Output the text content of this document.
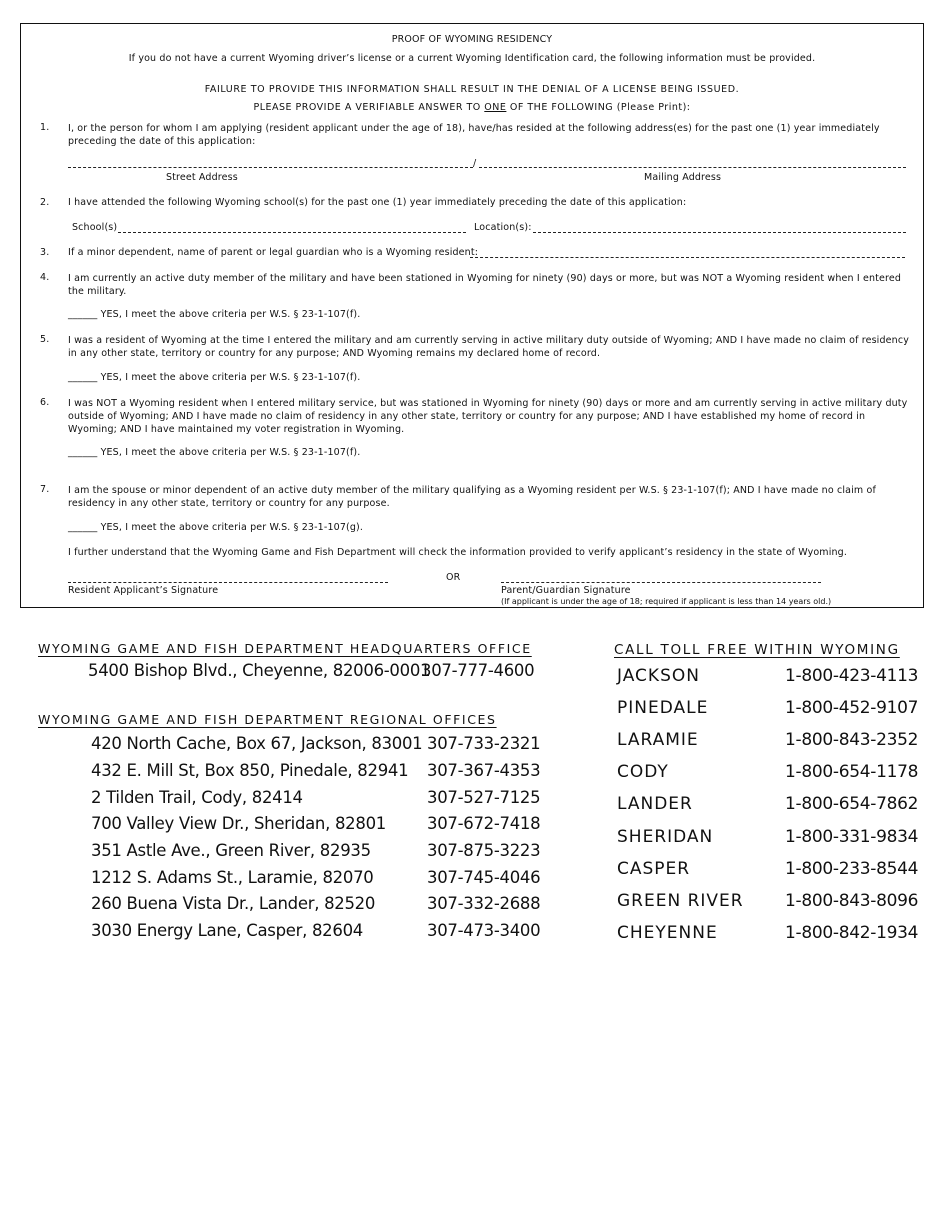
PROOF OF WYOMING RESIDENCY
If you do not have a current Wyoming driver’s license or a current Wyoming Identification card, the following information must be provided.
FAILURE TO PROVIDE THIS INFORMATION SHALL RESULT IN THE DENIAL OF A LICENSE BEING ISSUED.
PLEASE PROVIDE A VERIFIABLE ANSWER TO ONE OF THE FOLLOWING (Please Print):
1. I, or the person for whom I am applying (resident applicant under the age of 18), have/has resided at the following address(es) for the past one (1) year immediately preceding the date of this application:
/
Street Address	Mailing Address
2. I have attended the following Wyoming school(s) for the past one (1) year immediately preceding the date of this application:
School(s)	Location(s):
3. If a minor dependent, name of parent or legal guardian who is a Wyoming resident:
4. I am currently an active duty member of the military and have been stationed in Wyoming for ninety (90) days or more, but was NOT a Wyoming resident when I entered the military.
______ YES, I meet the above criteria per W.S. § 23-1-107(f).
5. I was a resident of Wyoming at the time I entered the military and am currently serving in active military duty outside of Wyoming; AND I have made no claim of residency in any other state, territory or country for any purpose; AND Wyoming remains my declared home of record.
______ YES, I meet the above criteria per W.S. § 23-1-107(f).
6. I was NOT a Wyoming resident when I entered military service, but was stationed in Wyoming for ninety (90) days or more and am currently serving in active military duty outside of Wyoming; AND I have made no claim of residency in any other state, territory or country for any purpose; AND I have established my home of record in Wyoming; AND I have maintained my voter registration in Wyoming.
______ YES, I meet the above criteria per W.S. § 23-1-107(f).
7. I am the spouse or minor dependent of an active duty member of the military qualifying as a Wyoming resident per W.S. § 23-1-107(f); AND I have made no claim of residency in any other state, territory or country for any purpose.
______ YES, I meet the above criteria per W.S. § 23-1-107(g).
I further understand that the Wyoming Game and Fish Department will check the information provided to verify applicant’s residency in the state of Wyoming.
OR
Resident Applicant’s Signature	Parent/Guardian Signature
(If applicant is under the age of 18; required if applicant is less than 14 years old.)
WYOMING GAME AND FISH DEPARTMENT HEADQUARTERS OFFICE
5400 Bishop Blvd., Cheyenne, 82006-0001
307-777-4600
WYOMING GAME AND FISH DEPARTMENT REGIONAL OFFICES
420 North Cache, Box 67, Jackson, 83001 307-733-2321
432 E. Mill St, Box 850, Pinedale, 82941 307-367-4353
2 Tilden Trail, Cody, 82414	307-527-7125
700 Valley View Dr., Sheridan, 82801 307-672-7418
351 Astle Ave., Green River, 82935	307-875-3223
1212 S. Adams St., Laramie, 82070	307-745-4046
260 Buena Vista Dr., Lander, 82520	307-332-2688
3030 Energy Lane, Casper, 82604	307-473-3400
CALL TOLL FREE WITHIN WYOMING
JACKSON	1-800-423-4113
PINEDALE	1-800-452-9107
LARAMIE	1-800-843-2352
CODY	1-800-654-1178
LANDER	1-800-654-7862
SHERIDAN	1-800-331-9834
CASPER	1-800-233-8544
GREEN RIVER 1-800-843-8096
CHEYENNE	1-800-842-1934
